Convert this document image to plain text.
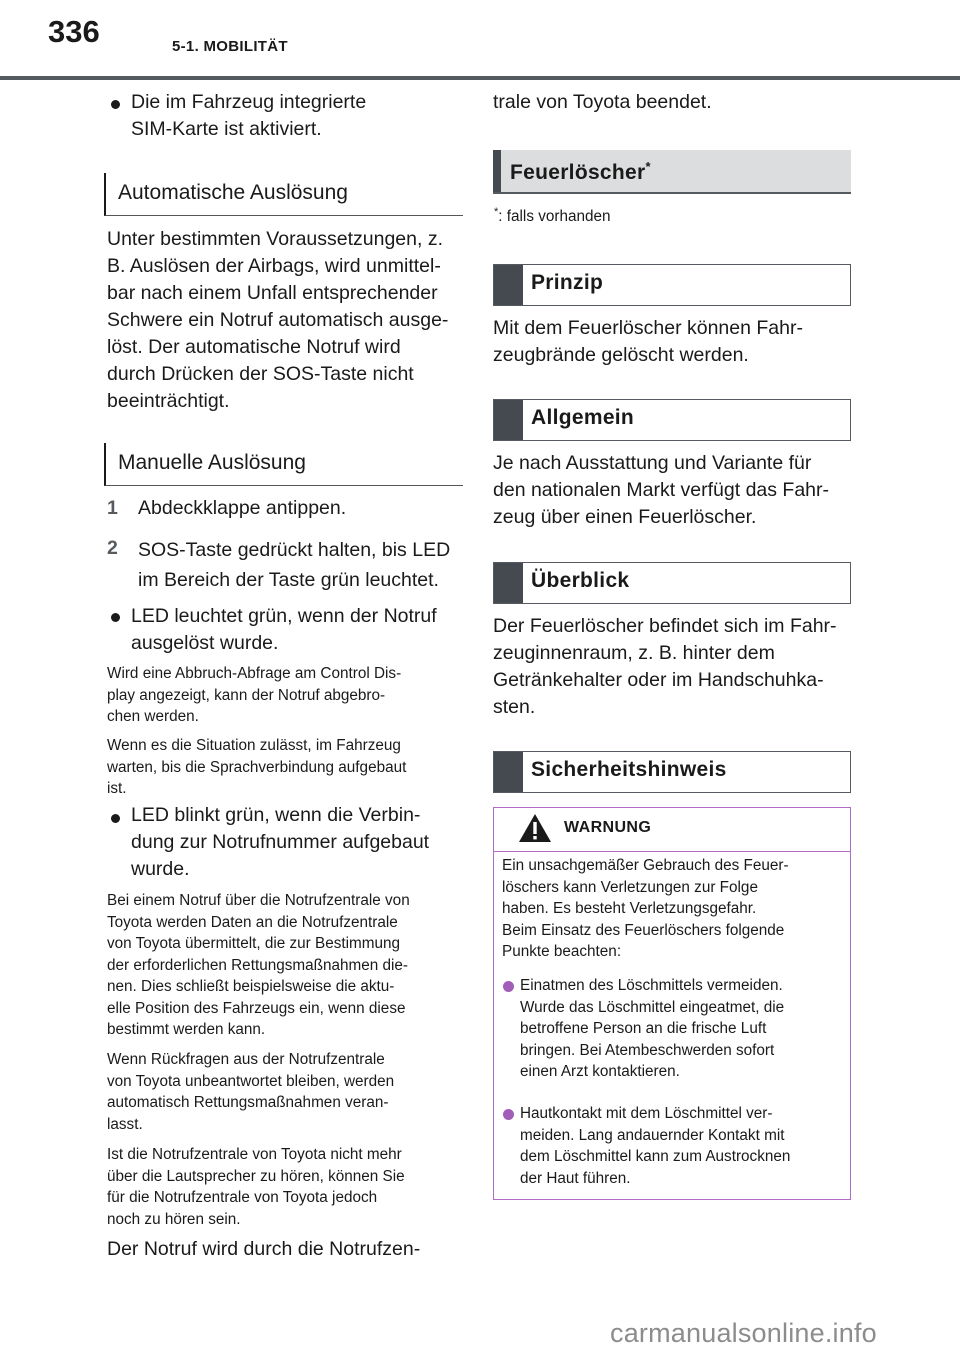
336	5-1. MOBILITÄT
Die im Fahrzeug integrierte
SIM-Karte ist aktiviert.
Automatische Auslösung
Unter bestimmten Voraussetzungen, z.
B. Auslösen der Airbags, wird unmittel-
bar nach einem Unfall entsprechender
Schwere ein Notruf automatisch ausge-
löst. Der automatische Notruf wird
durch Drücken der SOS-Taste nicht
beeinträchtigt.
Manuelle Auslösung
1 Abdeckklappe antippen.
2 SOS-Taste gedrückt halten, bis LED
im Bereich der Taste grün leuchtet.
LED leuchtet grün, wenn der Notruf
ausgelöst wurde.
Wird eine Abbruch-Abfrage am Control Dis-
play angezeigt, kann der Notruf abgebro-
chen werden.
Wenn es die Situation zulässt, im Fahrzeug
warten, bis die Sprachverbindung aufgebaut
ist.
LED blinkt grün, wenn die Verbin-
dung zur Notrufnummer aufgebaut
wurde.
Bei einem Notruf über die Notrufzentrale von
Toyota werden Daten an die Notrufzentrale
von Toyota übermittelt, die zur Bestimmung
der erforderlichen Rettungsmaßnahmen die-
nen. Dies schließt beispielsweise die aktu-
elle Position des Fahrzeugs ein, wenn diese
bestimmt werden kann.
Wenn Rückfragen aus der Notrufzentrale
von Toyota unbeantwortet bleiben, werden
automatisch Rettungsmaßnahmen veran-
lasst.
Ist die Notrufzentrale von Toyota nicht mehr
über die Lautsprecher zu hören, können Sie
für die Notrufzentrale von Toyota jedoch
noch zu hören sein.
Der Notruf wird durch die Notrufzen-
trale von Toyota beendet.
Feuerlöscher*
*: falls vorhanden
Prinzip
Mit dem Feuerlöscher können Fahr-
zeugbrände gelöscht werden.
Allgemein
Je nach Ausstattung und Variante für
den nationalen Markt verfügt das Fahr-
zeug über einen Feuerlöscher.
Überblick
Der Feuerlöscher befindet sich im Fahr-
zeuginnenraum, z. B. hinter dem
Getränkehalter oder im Handschuhka-
sten.
Sicherheitshinweis
WARNUNG
Ein unsachgemäßer Gebrauch des Feuer-
löschers kann Verletzungen zur Folge
haben. Es besteht Verletzungsgefahr.
Beim Einsatz des Feuerlöschers folgende
Punkte beachten:
Einatmen des Löschmittels vermeiden.
Wurde das Löschmittel eingeatmet, die
betroffene Person an die frische Luft
bringen. Bei Atembeschwerden sofort
einen Arzt kontaktieren.
Hautkontakt mit dem Löschmittel ver-
meiden. Lang andauernder Kontakt mit
dem Löschmittel kann zum Austrocknen
der Haut führen.
carmanualsonline.info
